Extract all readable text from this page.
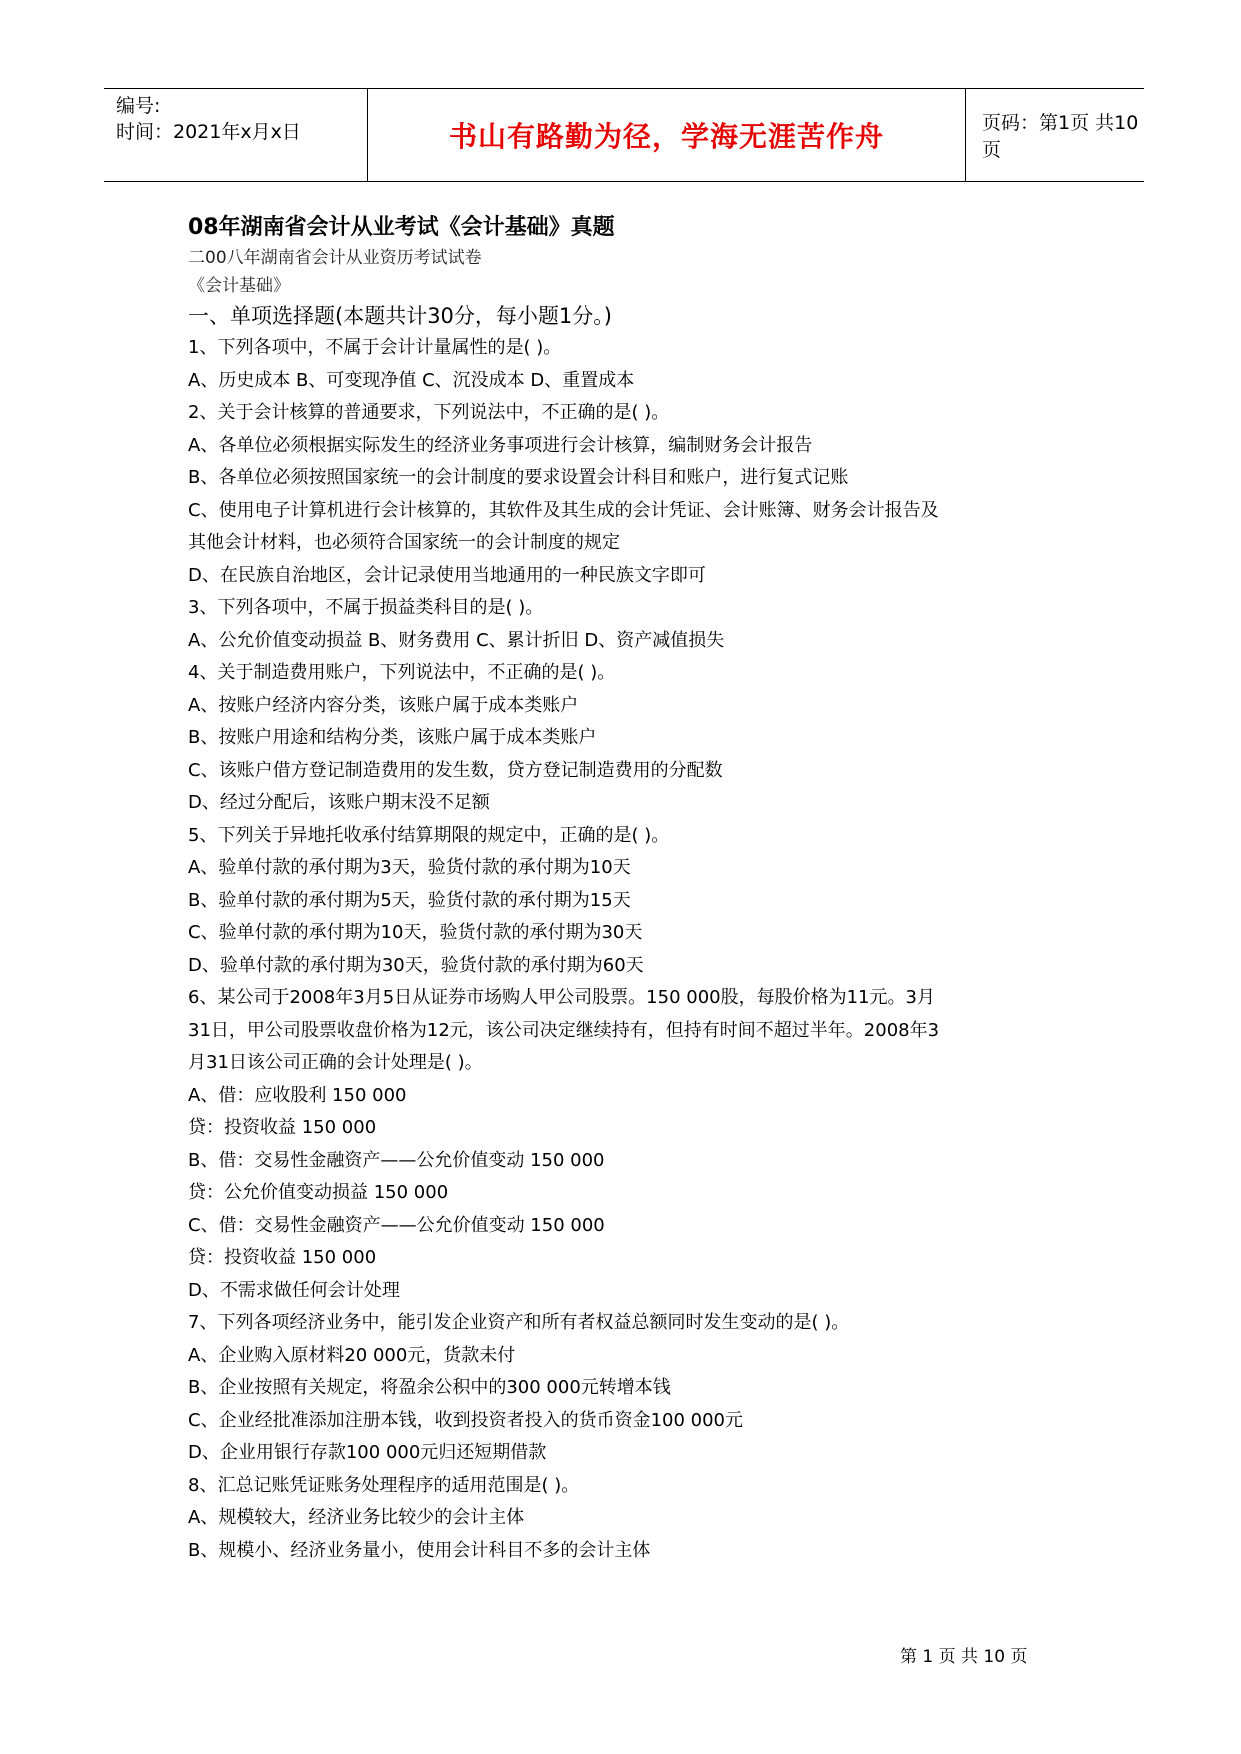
编号:
时间：2021年x月x日	书山有路勤为径，学海无涯苦作舟	页码：第1页 共10页
08年湖南省会计从业考试《会计基础》真题
二00八年湖南省会计从业资历考试试卷
《会计基础》
一、单项选择题(本题共计30分，每小题1分。)
1、下列各项中，不属于会计计量属性的是( )。
A、历史成本 B、可变现净值 C、沉没成本 D、重置成本
2、关于会计核算的普通要求，下列说法中，不正确的是( )。
A、各单位必须根据实际发生的经济业务事项进行会计核算，编制财务会计报告
B、各单位必须按照国家统一的会计制度的要求设置会计科目和账户，进行复式记账
C、使用电子计算机进行会计核算的，其软件及其生成的会计凭证、会计账簿、财务会计报告及
其他会计材料，也必须符合国家统一的会计制度的规定
D、在民族自治地区，会计记录使用当地通用的一种民族文字即可
3、下列各项中，不属于损益类科目的是( )。
A、公允价值变动损益 B、财务费用 C、累计折旧 D、资产减值损失
4、关于制造费用账户，下列说法中，不正确的是( )。
A、按账户经济内容分类，该账户属于成本类账户
B、按账户用途和结构分类，该账户属于成本类账户
C、该账户借方登记制造费用的发生数，贷方登记制造费用的分配数
D、经过分配后，该账户期末没不足额
5、下列关于异地托收承付结算期限的规定中，正确的是( )。
A、验单付款的承付期为3天，验货付款的承付期为10天
B、验单付款的承付期为5天，验货付款的承付期为15天
C、验单付款的承付期为10天，验货付款的承付期为30天
D、验单付款的承付期为30天，验货付款的承付期为60天
6、某公司于2008年3月5日从证券市场购人甲公司股票。150 000股，每股价格为11元。3月
31日，甲公司股票收盘价格为12元，该公司决定继续持有，但持有时间不超过半年。2008年3
月31日该公司正确的会计处理是( )。
A、借：应收股利 150 000
贷：投资收益 150 000
B、借：交易性金融资产——公允价值变动 150 000
贷：公允价值变动损益 150 000
C、借：交易性金融资产——公允价值变动 150 000
贷：投资收益 150 000
D、不需求做任何会计处理
7、下列各项经济业务中，能引发企业资产和所有者权益总额同时发生变动的是( )。
A、企业购入原材料20 000元，货款未付
B、企业按照有关规定，将盈余公积中的300 000元转增本钱
C、企业经批准添加注册本钱，收到投资者投入的货币资金100 000元
D、企业用银行存款100 000元归还短期借款
8、汇总记账凭证账务处理程序的适用范围是( )。
A、规模较大，经济业务比较少的会计主体
B、规模小、经济业务量小，使用会计科目不多的会计主体
第 1 页 共 10 页
